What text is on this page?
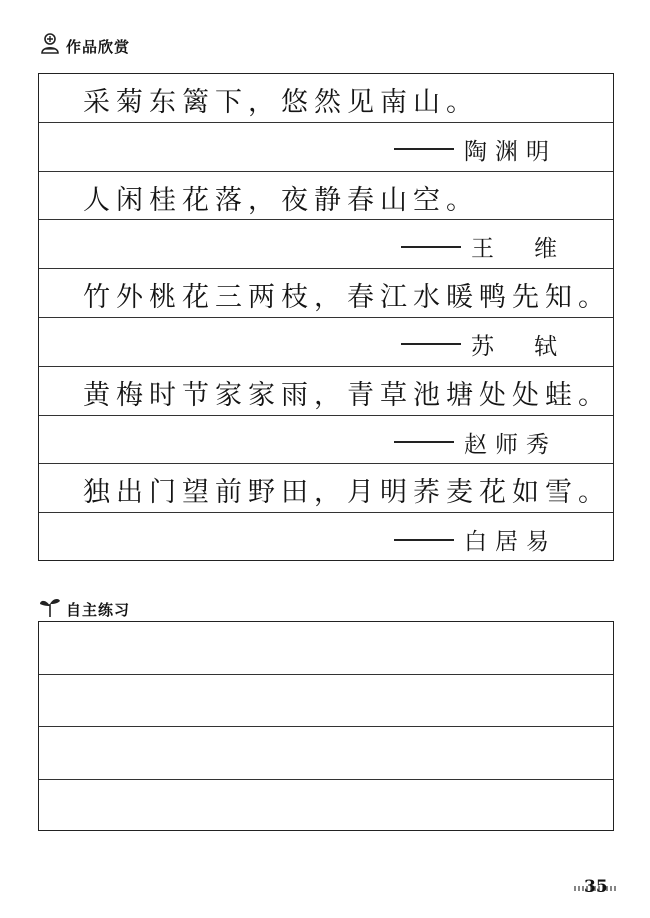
作品欣赏
采菊东篱下，悠然见南山。
陶渊明
人闲桂花落，夜静春山空。
王维
竹外桃花三两枝，春江水暖鸭先知。
苏轼
黄梅时节家家雨，青草池塘处处蛙。
赵师秀
独出门望前野田，月明荞麦花如雪。
白居易
自主练习
35
